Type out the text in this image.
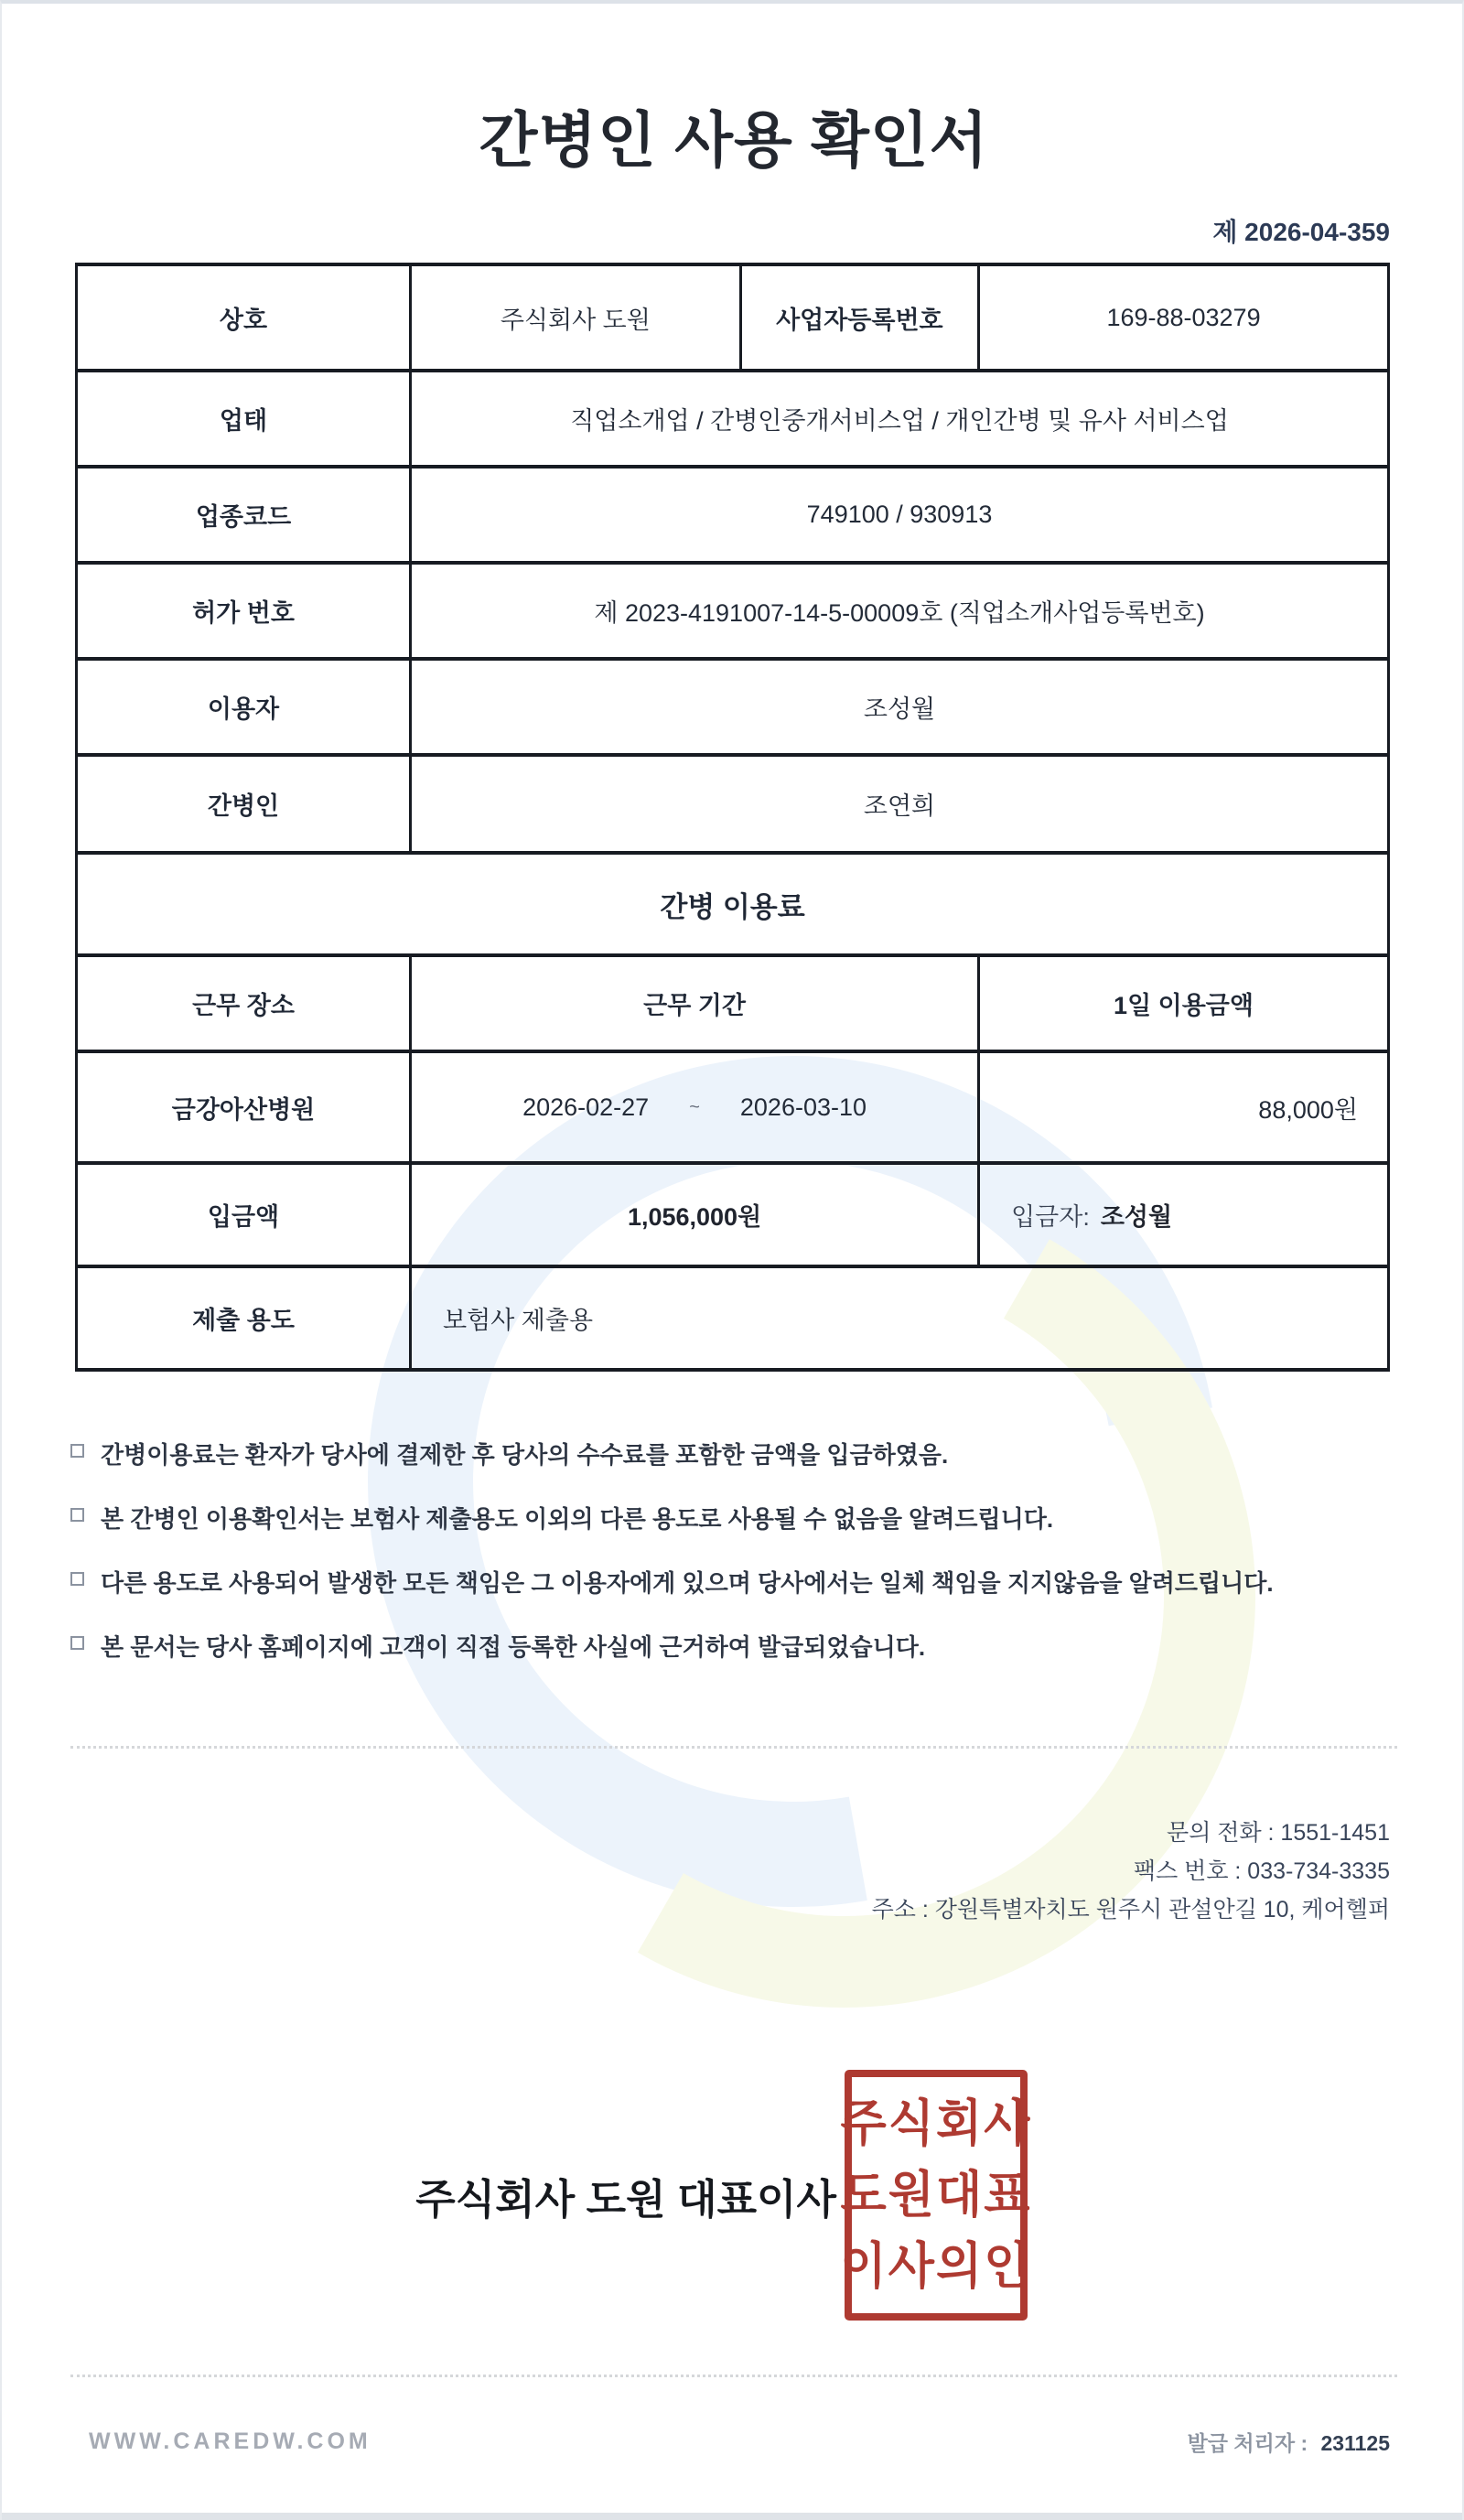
간병인 사용 확인서
제 2026-04-359
상호	주식회사 도원	사업자등록번호	169-88-03279
업태	직업소개업 / 간병인중개서비스업 / 개인간병 및 유사 서비스업
업종코드	749100 / 930913
허가 번호	제 2023-4191007-14-5-00009호 (직업소개사업등록번호)
이용자	조성월
간병인	조연희
간병 이용료
근무 장소	근무 기간	1일 이용금액
금강아산병원	2026-02-27 ~ 2026-03-10	88,000원
입금액	1,056,000원	입금자: 조성월
제출 용도	보험사 제출용
간병이용료는 환자가 당사에 결제한 후 당사의 수수료를 포함한 금액을 입금하였음.
본 간병인 이용확인서는 보험사 제출용도 이외의 다른 용도로 사용될 수 없음을 알려드립니다.
다른 용도로 사용되어 발생한 모든 책임은 그 이용자에게 있으며 당사에서는 일체 책임을 지지않음을 알려드립니다.
본 문서는 당사 홈페이지에 고객이 직접 등록한 사실에 근거하여 발급되었습니다.
문의 전화 : 1551-1451
팩스 번호 : 033-734-3335
주소 : 강원특별자치도 원주시 관설안길 10, 케어헬퍼
주식회사 도원 대표이사
주식회사
도원대표
이사의인
WWW.CAREDW.COM	발급 처리자 : 231125
